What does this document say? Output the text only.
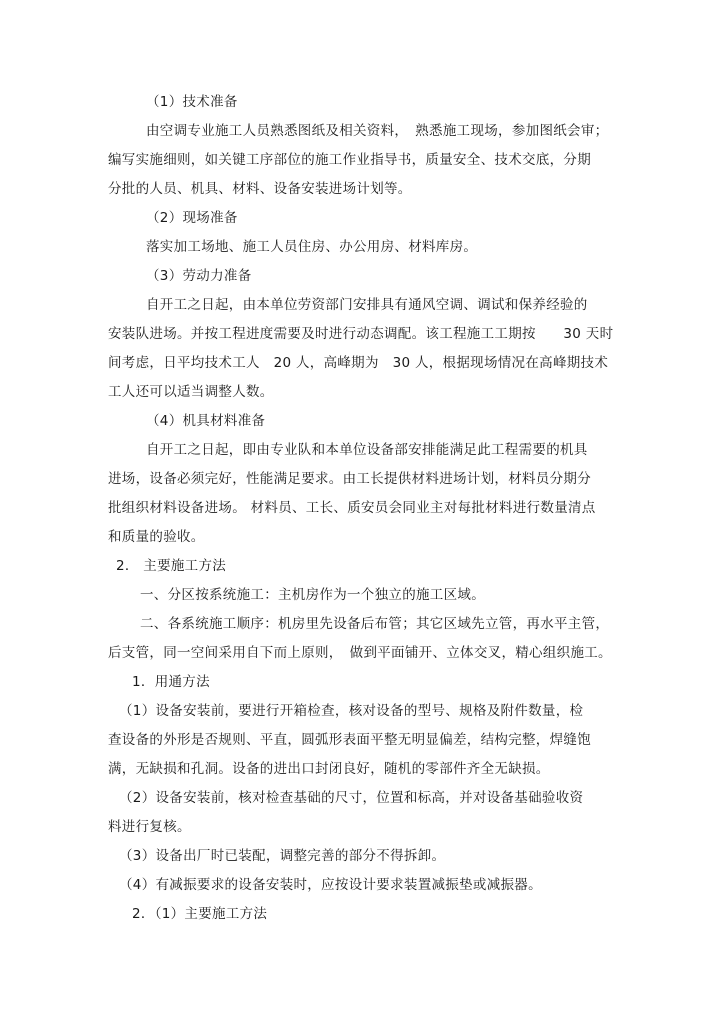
（1）技术准备
由空调专业施工人员熟悉图纸及相关资料，　熟悉施工现场，参加图纸会审；
编写实施细则，如关键工序部位的施工作业指导书，质量安全、技术交底，分期
分批的人员、机具、材料、设备安装进场计划等。
（2）现场准备
落实加工场地、施工人员住房、办公用房、材料库房。
（3）劳动力准备
自开工之日起，由本单位劳资部门安排具有通风空调、调试和保养经验的
安装队进场。并按工程进度需要及时进行动态调配。该工程施工工期按　　30 天时
间考虑，日平均技术工人　20 人，高峰期为　30 人，根据现场情况在高峰期技术
工人还可以适当调整人数。
（4）机具材料准备
自开工之日起，即由专业队和本单位设备部安排能满足此工程需要的机具
进场，设备必须完好，性能满足要求。由工长提供材料进场计划，材料员分期分
批组织材料设备进场。 材料员、工长、质安员会同业主对每批材料进行数量清点
和质量的验收。
2． 主要施工方法
一、分区按系统施工：主机房作为一个独立的施工区域。
二、各系统施工顺序：机房里先设备后布管；其它区域先立管，再水平主管，
后支管，同一空间采用自下而上原则，　做到平面铺开、立体交叉，精心组织施工。
1．用通方法
（1）设备安装前，要进行开箱检查，核对设备的型号、规格及附件数量，检
查设备的外形是否规则、平直，圆弧形表面平整无明显偏差，结构完整，焊缝饱
满，无缺损和孔洞。设备的进出口封闭良好，随机的零部件齐全无缺损。
（2）设备安装前，核对检查基础的尺寸，位置和标高，并对设备基础验收资
料进行复核。
（3）设备出厂时已装配，调整完善的部分不得拆卸。
（4）有减振要求的设备安装时，应按设计要求装置减振垫或减振器。
2．（1）主要施工方法
